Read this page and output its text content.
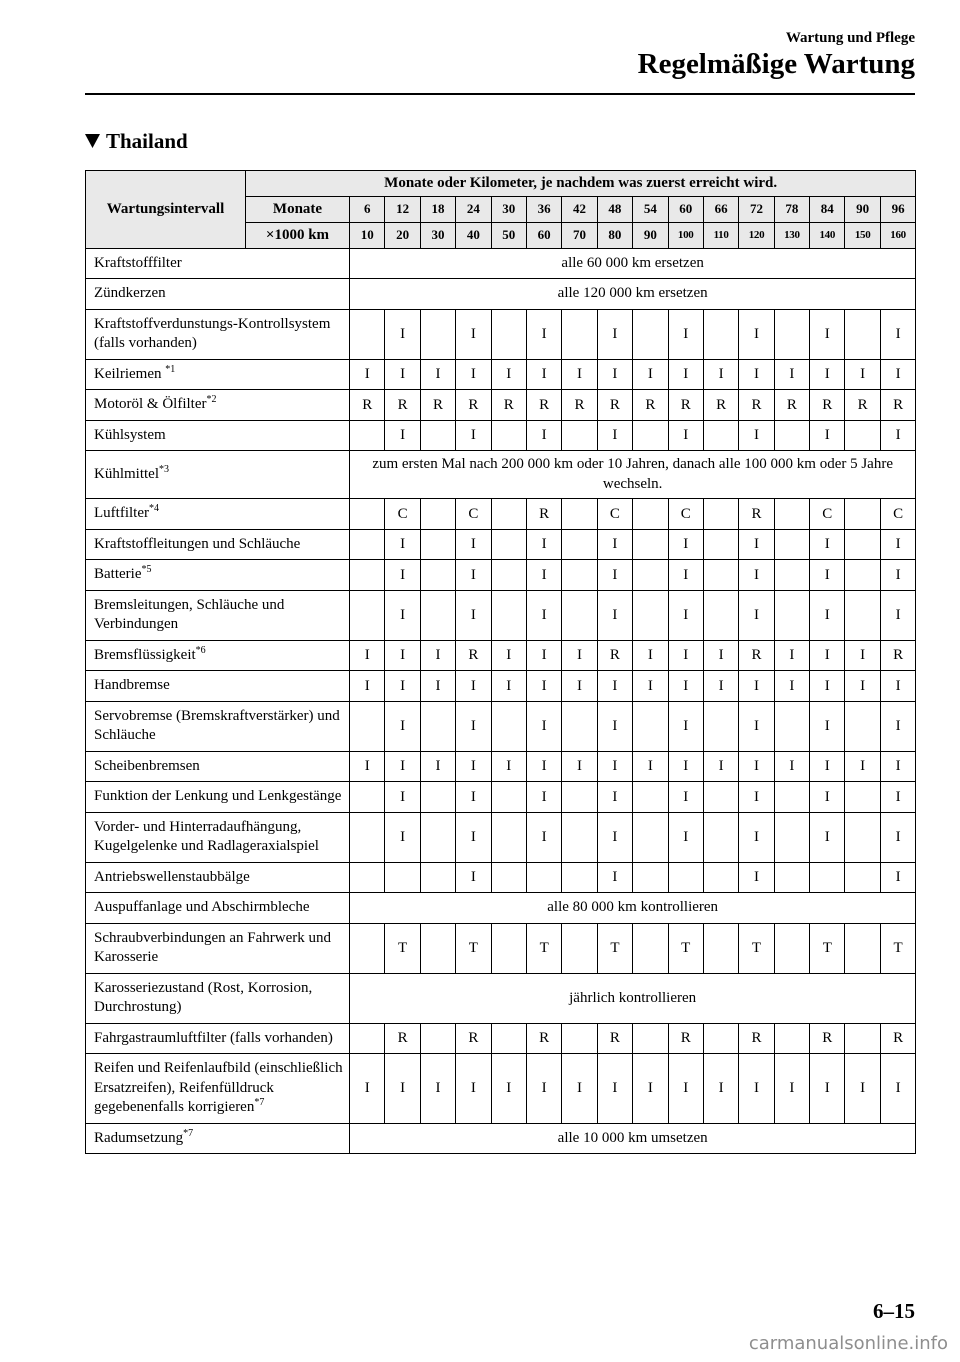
Wartung und Pflege
Regelmäßige Wartung
Thailand
Wartungsintervall	Monate oder Kilometer, je nachdem was zuerst erreicht wird.																
	Monate	6	12	18	24	30	36	42	48	54	60	66	72	78	84	90	96
	×1000 km	10	20	30	40	50	60	70	80	90	100	110	120	130	140	150	160
Kraftstofffilter		alle 60 000 km ersetzen															
Zündkerzen		alle 120 000 km ersetzen															
Kraftstoffverdunstungs-Kontrollsystem (falls vorhanden)			I		I		I		I		I		I		I		I
Keilriemen $^{*1}$		I	I	I	I	I	I	I	I	I	I	I	I	I	I	I	I
Motoröl & Ölfilter$^{*2}$		R	R	R	R	R	R	R	R	R	R	R	R	R	R	R	R
Kühlsystem			I		I		I		I		I		I		I		I
Kühlmittel$^{*3}$		zum ersten Mal nach 200 000 km oder 10 Jahren, danach alle 100 000 km oder 5 Jahre wechseln.															
Luftfilter$^{*4}$			C		C		R		C		C		R		C		C
Kraftstoffleitungen und Schläuche			I		I		I		I		I		I		I		I
Batterie$^{*5}$			I		I		I		I		I		I		I		I
Bremsleitungen, Schläuche und Verbindungen			I		I		I		I		I		I		I		I
Bremsflüssigkeit$^{*6}$		I	I	I	R	I	I	I	R	I	I	I	R	I	I	I	R
Handbremse		I	I	I	I	I	I	I	I	I	I	I	I	I	I	I	I
Servobremse (Bremskraftverstärker) und Schläuche			I		I		I		I		I		I		I		I
Scheibenbremsen		I	I	I	I	I	I	I	I	I	I	I	I	I	I	I	I
Funktion der Lenkung und Lenkgestänge			I		I		I		I		I		I		I		I
Vorder- und Hinterradaufhängung, Kugelgelenke und Radlageraxialspiel			I		I		I		I		I		I		I		I
Antriebswellenstaubbälge					I				I				I				I
Auspuffanlage und Abschirmbleche		alle 80 000 km kontrollieren															
Schraubverbindungen an Fahrwerk und Karosserie			T		T		T		T		T		T		T		T
Karosseriezustand (Rost, Korrosion, Durchrostung)		jährlich kontrollieren															
Fahrgastraumluftfilter (falls vorhanden)			R		R		R		R		R		R		R		R
Reifen und Reifenlaufbild (einschließlich Ersatzreifen), Reifenfülldruck gegebenenfalls korrigieren$^{*7}$		I	I	I	I	I	I	I	I	I	I	I	I	I	I	I	I
Radumsetzung$^{*7}$		alle 10 000 km umsetzen															
6–15
carmanualsonline.info
